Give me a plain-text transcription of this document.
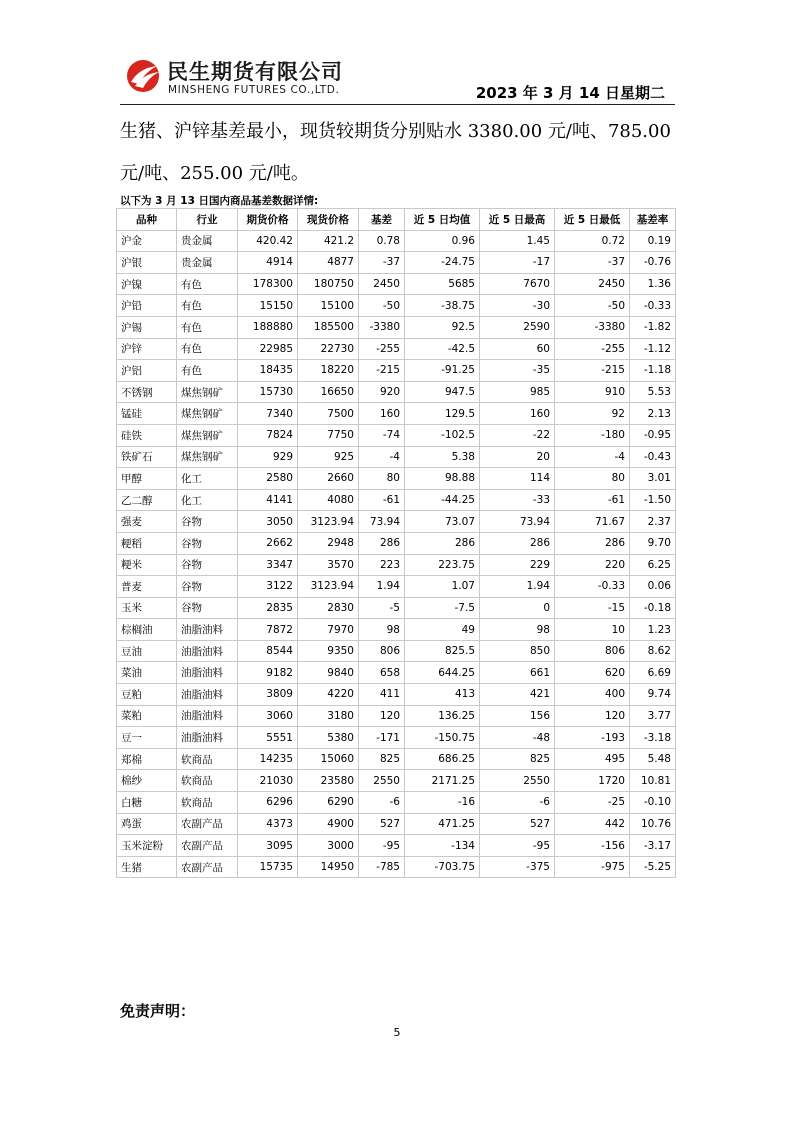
民生期货有限公司
MINSHENG FUTURES CO.,LTD.	2023 年 3 月 14 日星期二

生猪、沪锌基差最小，现货较期货分别贴水 3380.00 元/吨、785.00

元/吨、255.00 元/吨。

以下为 3 月 13 日国内商品基差数据详情:
品种	行业	期货价格	现货价格	基差	近 5 日均值	近 5 日最高	近 5 日最低	基差率
沪金	贵金属	420.42	421.2	0.78	0.96	1.45	0.72	0.19
沪银	贵金属	4914	4877	-37	-24.75	-17	-37	-0.76
沪镍	有色	178300	180750	2450	5685	7670	2450	1.36
沪铅	有色	15150	15100	-50	-38.75	-30	-50	-0.33
沪锡	有色	188880	185500	-3380	92.5	2590	-3380	-1.82
沪锌	有色	22985	22730	-255	-42.5	60	-255	-1.12
沪铝	有色	18435	18220	-215	-91.25	-35	-215	-1.18
不锈钢	煤焦钢矿	15730	16650	920	947.5	985	910	5.53
锰硅	煤焦钢矿	7340	7500	160	129.5	160	92	2.13
硅铁	煤焦钢矿	7824	7750	-74	-102.5	-22	-180	-0.95
铁矿石	煤焦钢矿	929	925	-4	5.38	20	-4	-0.43
甲醇	化工	2580	2660	80	98.88	114	80	3.01
乙二醇	化工	4141	4080	-61	-44.25	-33	-61	-1.50
强麦	谷物	3050	3123.94	73.94	73.07	73.94	71.67	2.37
粳稻	谷物	2662	2948	286	286	286	286	9.70
粳米	谷物	3347	3570	223	223.75	229	220	6.25
普麦	谷物	3122	3123.94	1.94	1.07	1.94	-0.33	0.06
玉米	谷物	2835	2830	-5	-7.5	0	-15	-0.18
棕榈油	油脂油料	7872	7970	98	49	98	10	1.23
豆油	油脂油料	8544	9350	806	825.5	850	806	8.62
菜油	油脂油料	9182	9840	658	644.25	661	620	6.69
豆粕	油脂油料	3809	4220	411	413	421	400	9.74
菜粕	油脂油料	3060	3180	120	136.25	156	120	3.77
豆一	油脂油料	5551	5380	-171	-150.75	-48	-193	-3.18
郑棉	软商品	14235	15060	825	686.25	825	495	5.48
棉纱	软商品	21030	23580	2550	2171.25	2550	1720	10.81
白糖	软商品	6296	6290	-6	-16	-6	-25	-0.10
鸡蛋	农副产品	4373	4900	527	471.25	527	442	10.76
玉米淀粉	农副产品	3095	3000	-95	-134	-95	-156	-3.17
生猪	农副产品	15735	14950	-785	-703.75	-375	-975	-5.25
免责声明：
5
